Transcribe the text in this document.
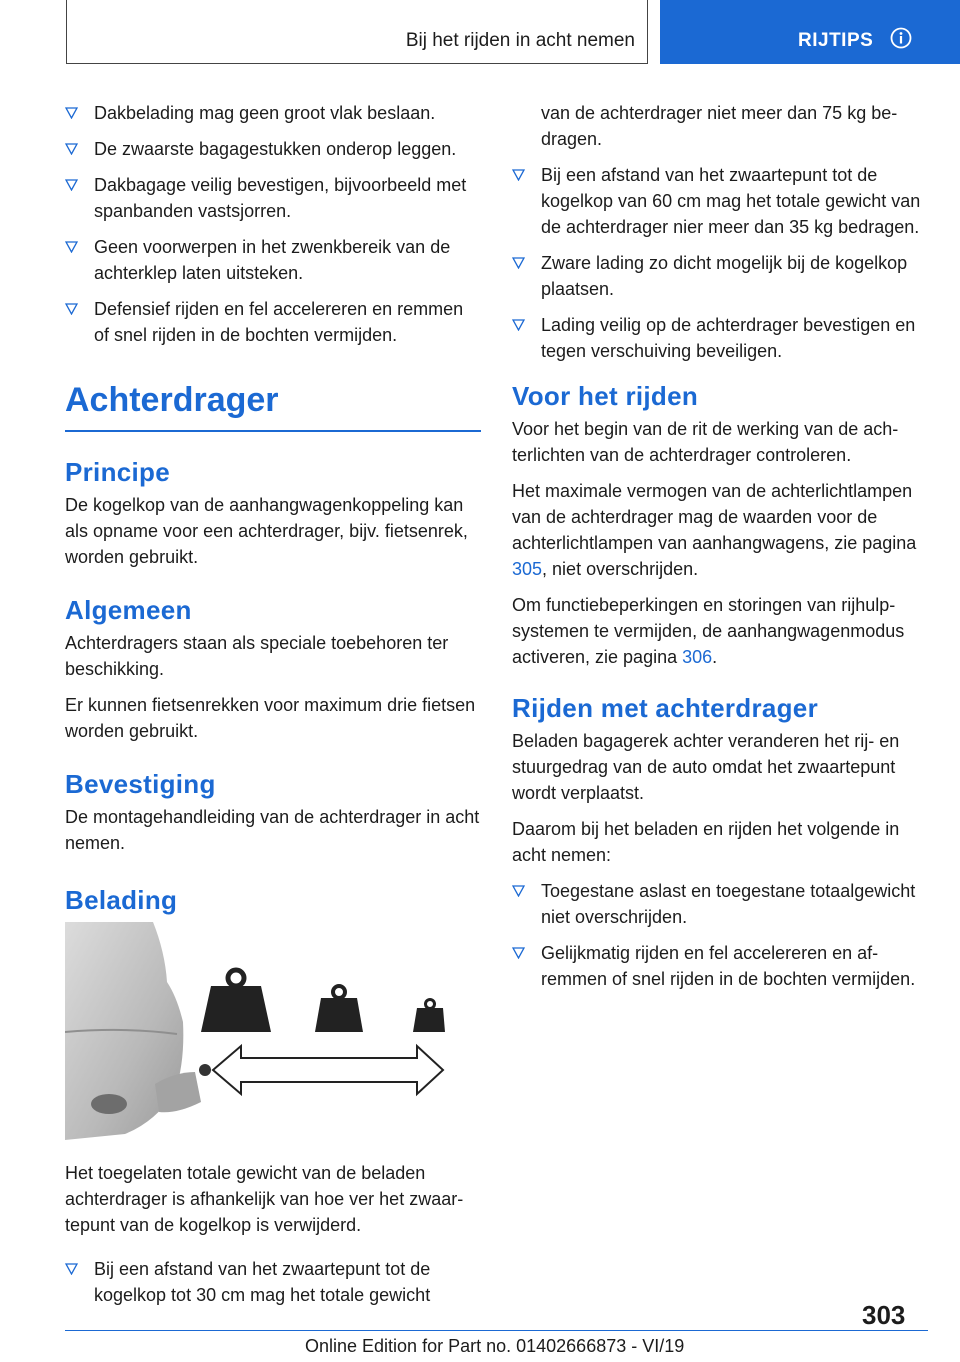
Bij het rijden in acht nemen	RIJTIPS
Dakbelading mag geen groot vlak beslaan.
De zwaarste bagagestukken onderop leggen.
Dakbagage veilig bevestigen, bijvoorbeeld met spanbanden vastsjorren.
Geen voorwerpen in het zwenkbereik van de achterklep laten uitsteken.
Defensief rijden en fel accelereren en remmen of snel rijden in de bochten vermijden.
Achterdrager
Principe

De kogelkop van de aanhangwagenkoppeling kan als opname voor een achterdrager, bijv. fietsenrek, worden gebruikt.

Algemeen

Achterdragers staan als speciale toebehoren ter beschikking.

Er kunnen fietsenrekken voor maximum drie fietsen worden gebruikt.

Bevestiging

De montagehandleiding van de achterdrager in acht nemen.

Belading

Het toegelaten totale gewicht van de beladen achterdrager is afhankelijk van hoe ver het zwaartepunt van de kogelkop is verwijderd.

Bij een afstand van het zwaartepunt tot de kogelkop tot 30 cm mag het totale gewicht
van de achterdrager niet meer dan 75 kg bedragen.
Bij een afstand van het zwaartepunt tot de kogelkop van 60 cm mag het totale gewicht van de achterdrager nier meer dan 35 kg bedragen.
Zware lading zo dicht mogelijk bij de kogelkop plaatsen.
Lading veilig op de achterdrager bevestigen en tegen verschuiving beveiligen.
Voor het rijden

Voor het begin van de rit de werking van de achterlichten van de achterdrager controleren.

Het maximale vermogen van de achterlichtlampen van de achterdrager mag de waarden voor de achterlichtlampen van aanhangwagens, zie pagina 305, niet overschrijden.

Om functiebeperkingen en storingen van rijhulpsystemen te vermijden, de aanhangwagenmodus activeren, zie pagina 306.

Rijden met achterdrager

Beladen bagagerek achter veranderen het rij- en stuurgedrag van de auto omdat het zwaartepunt wordt verplaatst.

Daarom bij het beladen en rijden het volgende in acht nemen:

Toegestane aslast en toegestane totaalgewicht niet overschrijden.
Gelijkmatig rijden en fel accelereren en afremmen of snel rijden in de bochten vermijden.
303
Online Edition for Part no. 01402666873 - VI/19
